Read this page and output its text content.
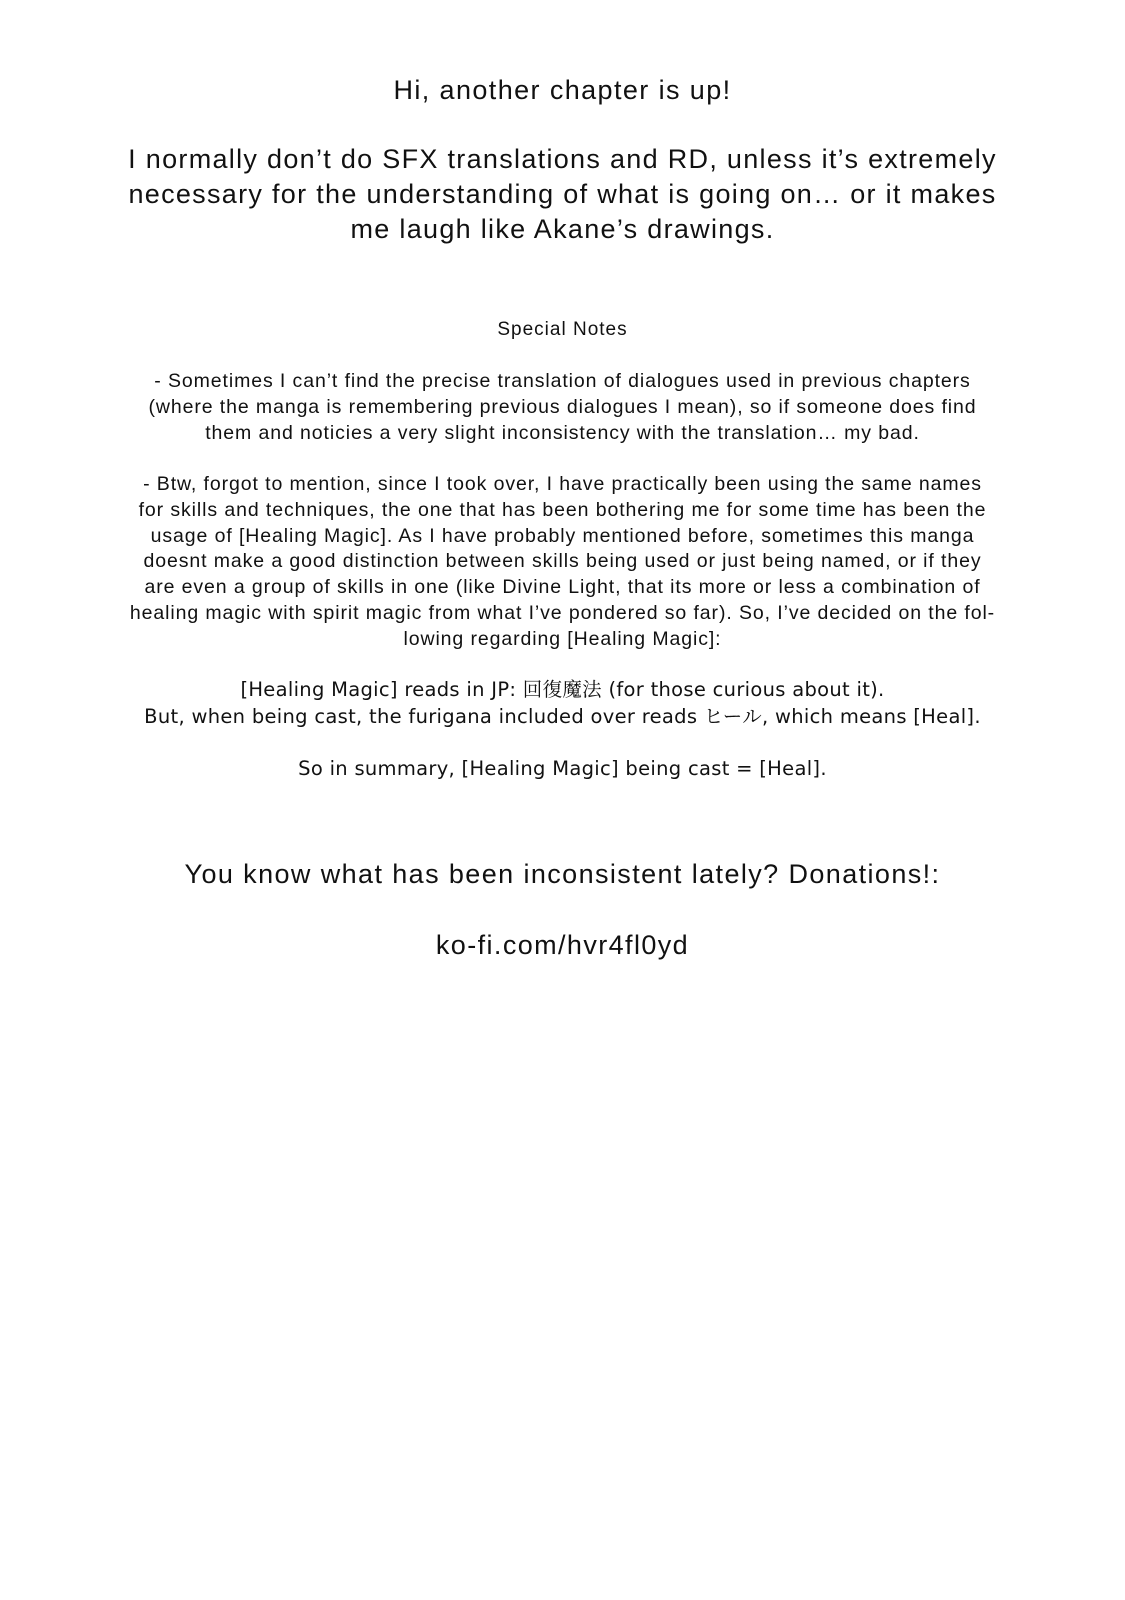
Hi, another chapter is up!
I normally don’t do SFX translations and RD, unless it’s extremely
necessary for the understanding of what is going on… or it makes
me laugh like Akane’s drawings.
Special Notes
- Sometimes I can’t find the precise translation of dialogues used in previous chapters
(where the manga is remembering previous dialogues I mean), so if someone does find
them and noticies a very slight inconsistency with the translation… my bad.
- Btw, forgot to mention, since I took over, I have practically been using the same names
for skills and techniques, the one that has been bothering me for some time has been the
usage of [Healing Magic]. As I have probably mentioned before, sometimes this manga
doesnt make a good distinction between skills being used or just being named, or if they
are even a group of skills in one (like Divine Light, that its more or less a combination of
healing magic with spirit magic from what I’ve pondered so far). So, I’ve decided on the fol-
lowing regarding [Healing Magic]:
[Healing Magic] reads in JP: 回復魔法 (for those curious about it).
But, when being cast, the furigana included over reads ヒール, which means [Heal].
So in summary, [Healing Magic] being cast = [Heal].
You know what has been inconsistent lately? Donations!:
ko-fi.com/hvr4fl0yd
